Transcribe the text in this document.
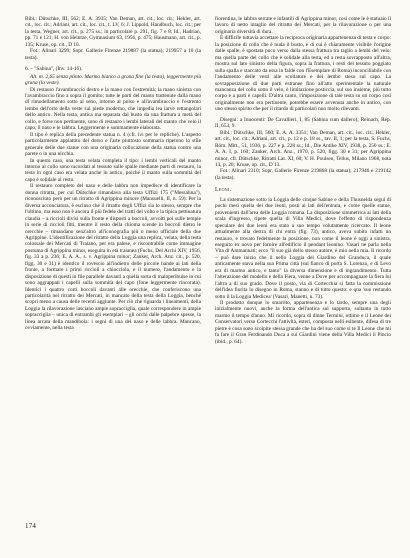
Bibl.: Dütschke, III, 562; E. A. 3935; Van Deman, art. cit., loc. cit.; Hekler, art. cit., loc. cit.; Adriani, art. cit., loc. cit., t. LV, 6; J. Lippold, Handbuch, loc. cit.; per la testa, Wegner, art. cit., p. 275 ss.; in particolare p. 291, fig. 7 e 8; Id., Hadrian, pp. 71 e 121; H. von Heintze, Gymnasium 63, 1956, p. 475; Hausmann, art. cit., p. 135; Kruse, op. cit., D 10.

Fot.: Alinari 3299; Sopr. Gallerie Firenze 219887 (la statua); 219957 a 10 (la testa).

6. – "Sabina", (Inv. 14-16).

Alt. m. 2,65 senza plinto. Marmo bianco a grana fine (la testa), leggermente più grana (la veste).

Di restauro l'avambraccio destro e la mano con l'estremità; la mano sinistra con l'avambraccio fino a sopra il gomito; tutte le parti del manto trattenute dalla mano di rimodellamento sotto al seno, intorno al polso e all'avambraccio e l'estremo lembo dell'orlo della veste sul piede moderno, che impedia lea larve rettangolari dello antico. Nella testa, antica ma separata dal busto da una frattura a metà del collo, e forse non pertinente, sono di restauro i lembi laterali del manto che velo il capo, il naso e le labbra. Leggermente e sommamente elaborata.

Il tipo è replica della precedente statua n. 4 (cfr. ivi per le repliche). L'aspetto particolarmente appiattito del dorso e l'arte piuttosto sommaria ripetono lo stile generale delle due statue con una originaria collocazione della statua contro una parete o in una nicchia.

In questo caso, una testa velata completa il tipo: i lembi verticali del manto intorno al collo sono racordati al tessuto sulle spalle mediante parti di restauro, la testa in ogni caso era velata anche in antico, poiché il manto sulla sommità del capo è solidale al resto.

Il restauro completo del naso e delle labbra non impedisce di identificare la donna ritratta, per cui Dütschke rimandava alla testa Uffizi 175 ("Messalina"), riconosciuto però per un ritratto di Agrippina minore (Mansuelli, II, n. 59). Per la diversa acconciatura, è escluso che il ritratto degli Uffizi sia lo stesso, sempre che l'ultimo, ma esso non è ancora il più fedele dei tratti del volto e la tipica pettinatura claudia – a riccioli divisi sulla fronte e disposti a boccoli, avvolti poi sulle tempie in serie di riccioli fitti, mentre il resto della chioma scende in boccoli dietro le orecchie – rimandano senz'altro all'iconografia più o meno ufficiale della due Agrippine. L'identificazione del ritratto della Loggia una replica, velata, della testa colossale dei Mercati di Traiano, per era palese, e riscontrabile come immagine postuma di Agrippina minor, eseguita in età traianea (Fuchs, Del Archi XIV, 1956, fig. 33 a p. 236; E. A. A., s. v. Agrippina minor; Zanker, Arch. Anz. cit., p. 520, figg. 30 e 31) è identico il rovescio all'indietro delle piccole bande ai lati della fronte, a formare i primi riccioli a chiocciola, e il numero, l'andamento e la disposizione di questi in file parallele davanti a quella sorta di maloperibuise in cui sono aggrappati i capelli sulla sommità del capo (fone leggermente rincorata). Identici i quattro corti boccoli davanti alle orecchie, che conferiscono una particolarità nel ritratto dei Mercati, in mancato della testa della Loggia, benché scopri meno a causa delle recenti aggiunte. Per ciò che riguarda i lineamenti, della Loggia la rilavorazione lasciano ampie sopracciglia, quale correspondere in ampie sopracciglia – unica di entrambi gli esemplari – gli occhi dalle palpebre spesse, la linea arcata della mandibola: i segni di una del naso e delle labbra. Mancano, ovviamente, nella testa

fiorentina, le labbra serrate e infantili di Agrippina minor, così come le è statuaio il lavoro di netto intaglio del ritratto dei Mercati, per la rilavorazione o per una originaria diversità di dura.

È difficile tuttavia accettare la reciproca originaria appartenenza di testa e corpo: la posizione di collo che è nuda il busto, e di cui è chiaramente visibile l'origine dalle spalle, è spostata poco verso dalla stessa frattura tra taglio a lembi del velo: ma quella parte del collo che è solidale alla testa, ed a resta sovrapposto all'altra, mostra sul lato sinistro della figura, sopra la frattura, i resti del tessuto poggiato sulla spalla e staccato da essa in falde con l'Esemplare di Roma) inconciliabile con l'andamento delle vesti alle scollature e del lembo steso sul capo. La sovrapposizione di due parti estranee fino all'atto sperimentale la naturale mancanza del collo sotto il velo, è limitazione posticcia, sul suo insieme, più tutto corpo e a parti è capelli. D'altra canto, l'imposizione di tale testa su un corpo così originalmente non era pertinente, potrebbe essere avvenuta anche in antico, con uno stesso spirito che per il ritardo di particolari non molto rilevanti.

Disegni: a Innocenti: De Cavallieri, I, 85 (Sabina cum dallero); Reinach, Rép. II, 653, 9.

Bibl.: Dütschke, III, 560; E. A. A. 3351; Van Deman, art. cit., loc. cit.; Hekler, art. cit., loc. cit.; Adriani, art. cit., p. 12 e p. 18 ss., tav. II, 1; per la testa, S. Fuchs, Röm. Mitt., 51, 1936, p. 227 e p. 228 ss.; Id., Die Antike XIV, 1938, p. 250 ss.; E. A. A. I, p. 160; Zanker, Arch. Anz., 1970, p. 520, figg. 30 e 31; per Agrippina minor, cfr. Dütschke, Ritratti Lat. XI, 60; V. H. Poulsen, Tellus, Milano 1968, nota 13, p. 20; Kruse, op. cit., D 13.

Fot.: Alinari 2310; Sopr. Gallerie Firenze 219868 (la statua); 217946 e 219142 (la testa).

Leoni.

La sistemazione sotto la Loggia delle cinque Sabine e della Thusnelda seguì di pochi mesi quella dei due leoni, posti ai lati dell'entrata, e come quelle statue, provenienti dall'area delle Loggia romana. La disposizione simmetrica ai lati della scala d'ingresso, ripete quella di Villa Medici, dove l'effetto di rispondenza speculare dei due leoni era stato a suo tempo volutamente ricercato. Il leone attualmente alla destra di chi entra (fig. 73), antico, aveva subito infatti un restauro, e trovato fedelmente la posizione, non come il leone è oggi a sinistra, eseguito ex novo per fornire all'edificio il pendant leonino. Vasari ne parla nella Vita di Ammannati; ecco "il suo già dello stesso autore, è mio nella mia. Il ricordo – può dare inizio che il nello Loggia del Giardino del Granduca, il quale anticamente stava nella sua Prima città (sul fianco di porta S. Lorenzo, e di Levo era di marmo antico, e tanto" la diversa dimensione e di ingrandimento. Tutta l'alterazione del modello e della Fiera, venne a Dove per accompagnare la fiera lui l'altra a di suo grado. Dove il posto, via di Cortecchia si fatta la commissione dell'idea fiorita lo disegno in Roma, stanno e di tutto questo: e qua 'suo restando sotto il la Loggia Medicea' (Vasari, Manetti, n. 73).

Il prodotto dunque lo smarrito, appartenenza e lo tardo, sempre una degli inizialmente nuovi, anche la forma dell'antica sul supporto, soltanto in tutto marmo il tempo d'anno. Mi ricordo, sopra di dinne Termini, ottimo e il Leone dei Conservatori verso Cortecchi l'attività, esteri, composta nelli esibente, difesa di tre pietre è cosa sono scolpite stessa grande che ha del suo come si te Il Leone che mi fa fare il Gran Ferdinando Duca a sui Giardini viene della Villa Medici il Pincio (ibid., p. 64).

174
